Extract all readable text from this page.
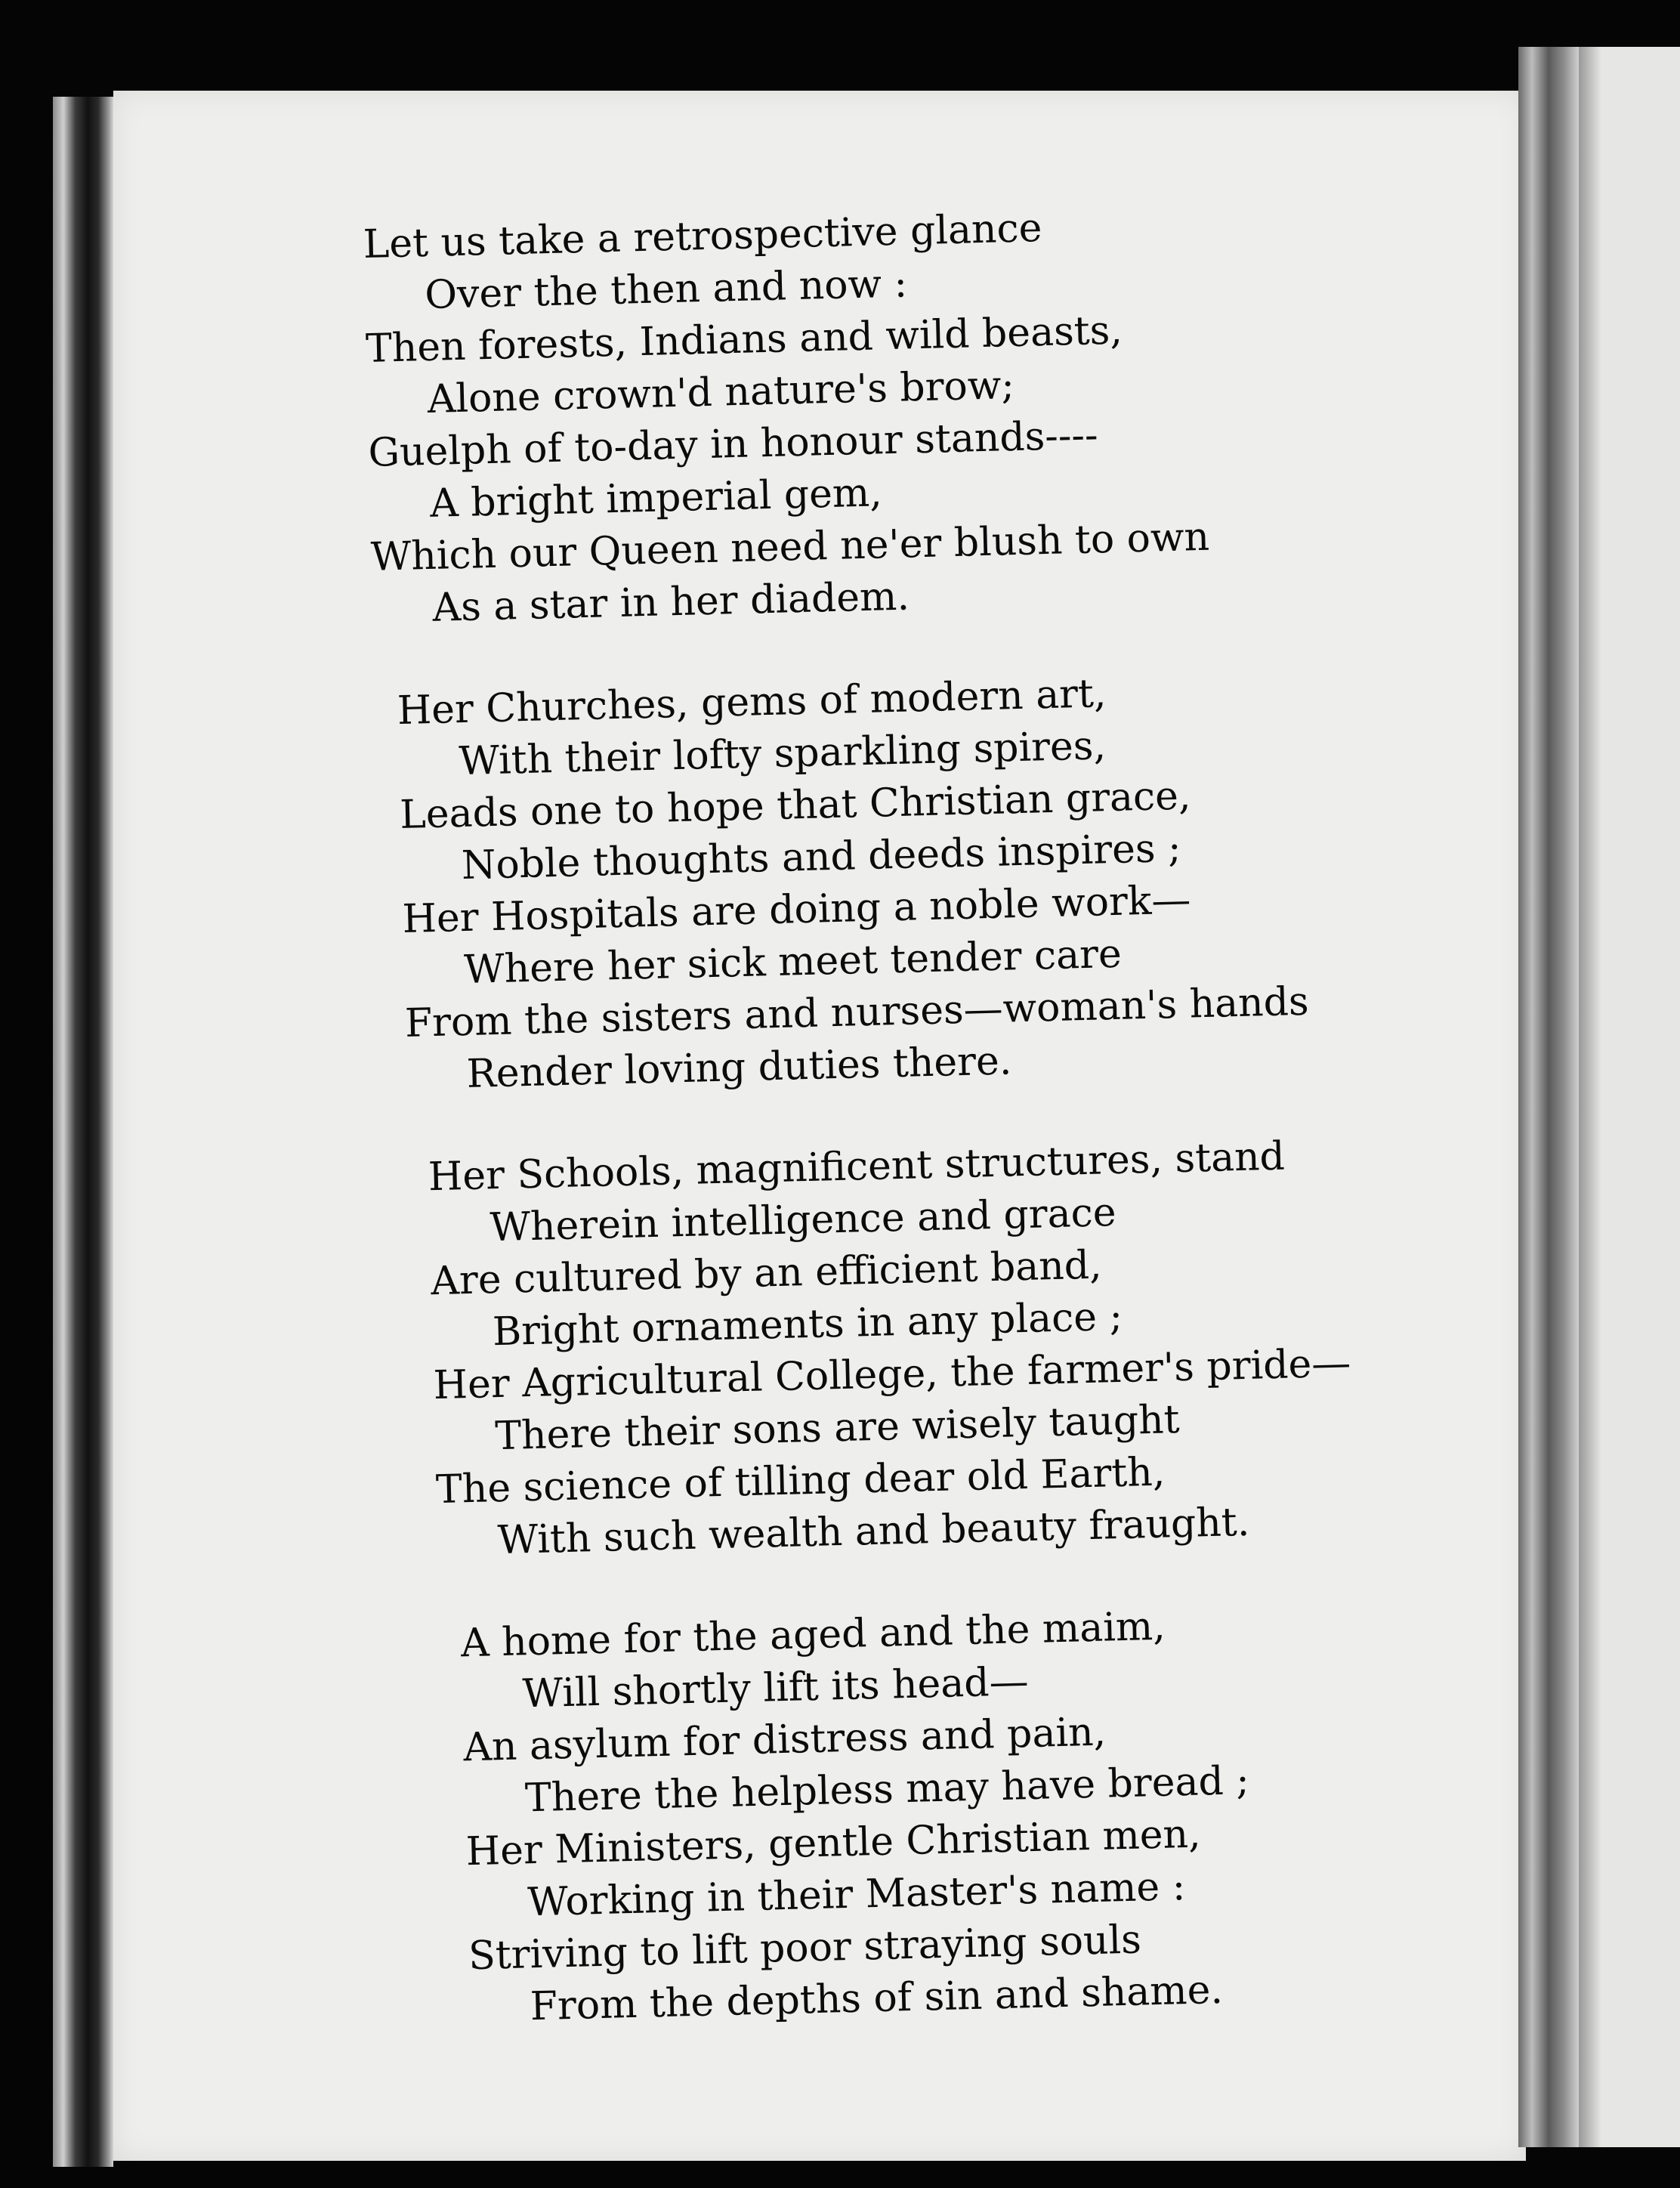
Let us take a retrospective glance
Over the then and now :
Then forests, Indians and wild beasts,
Alone crown'd nature's brow;
Guelph of to-day in honour stands----
A bright imperial gem,
Which our Queen need ne'er blush to own
As a star in her diadem.
Her Churches, gems of modern art,
With their lofty sparkling spires,
Leads one to hope that Christian grace,
Noble thoughts and deeds inspires ;
Her Hospitals are doing a noble work—
Where her sick meet tender care
From the sisters and nurses—woman's hands
Render loving duties there.
Her Schools, magnificent structures, stand
Wherein intelligence and grace
Are cultured by an efficient band,
Bright ornaments in any place ;
Her Agricultural College, the farmer's pride—
There their sons are wisely taught
The science of tilling dear old Earth,
With such wealth and beauty fraught.
A home for the aged and the maim,
Will shortly lift its head—
An asylum for distress and pain,
There the helpless may have bread ;
Her Ministers, gentle Christian men,
Working in their Master's name :
Striving to lift poor straying souls
From the depths of sin and shame.
